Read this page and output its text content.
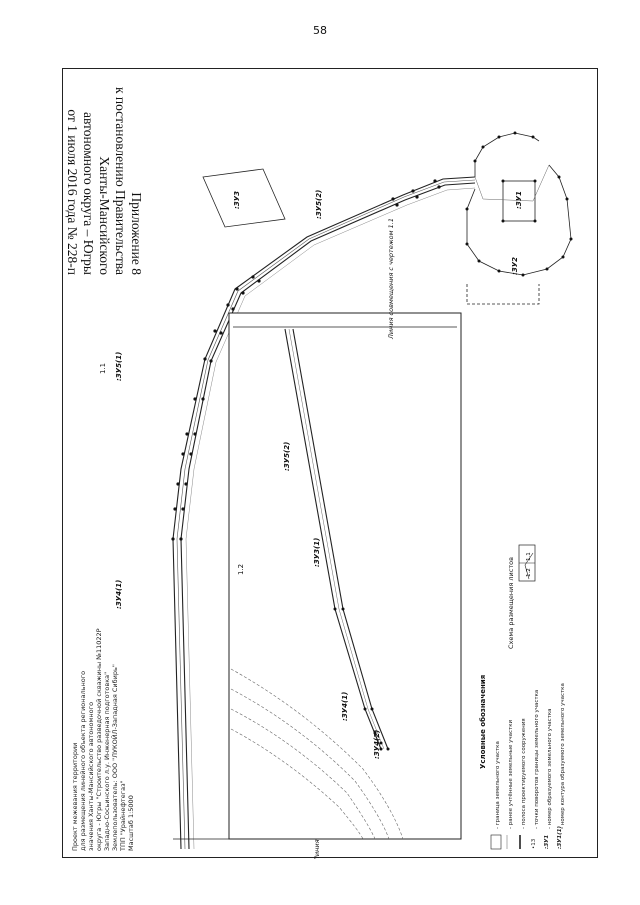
58
Приложение 8
к постановлению Правительства
Ханты-Мансийского
автономного округа – Югры
от 1 июля 2016 года № 228-п
Проект межевания территории для размещения линейного объекта регионального значения Ханты-Мансийского автономного округа - Югры "Строительство разведочной скважины №11022Р Западно-Сосьинского л.у. Инженерная подготовка" Землепользователь: ООО "ЛУКОЙЛ-Западная Сибирь" ТПП "Урайнефтегаз" Масштаб 1:5000
:ЗУ3	:ЗУ5(2)	:ЗУ1
:ЗУ2
:ЗУ5(1)
:ЗУ4(1)
1.1
1.2
Линия совмещения с чертежом 1.1
:ЗУ5(2)
:ЗУ3(1)
:ЗУ4(1)
:ЗУ4(2)
Схема размещения листов 1.2
1.1
Условные обозначения
- граница земельного участка - ранее учтённые земельные участки - полоса проектируемого сооружения - точки поворотов границы земельного участка - номер образуемого земельного участка - номер контура образуемого земельного участка
•13 :ЗУ1 :ЗУ1(1)
